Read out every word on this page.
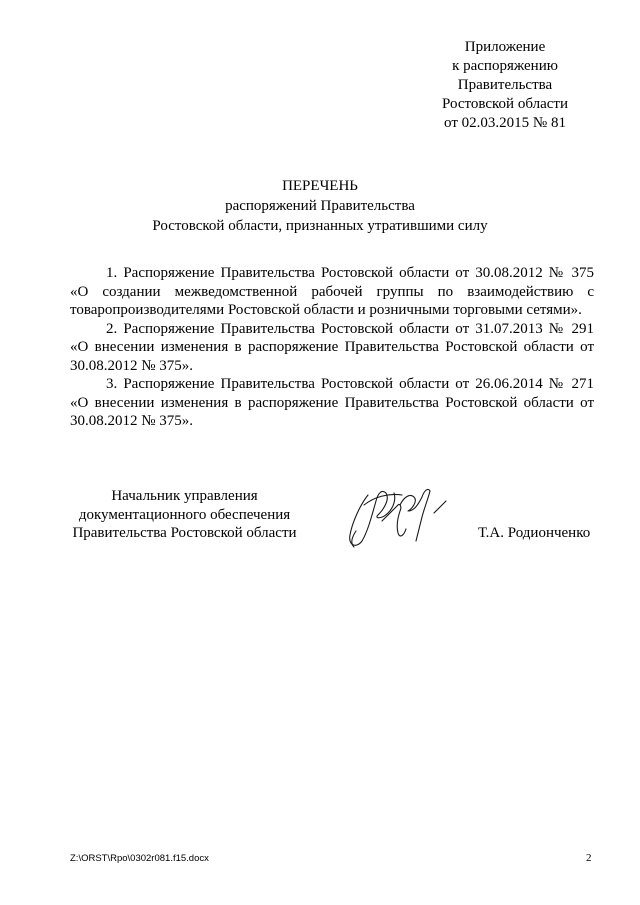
Приложение
к распоряжению
Правительства
Ростовской области
от 02.03.2015 № 81
ПЕРЕЧЕНЬ
распоряжений Правительства
Ростовской области, признанных утратившими силу

1. Распоряжение Правительства Ростовской области от 30.08.2012 № 375 «О создании межведомственной рабочей группы по взаимодействию с товаропроизводителями Ростовской области и розничными торговыми сетями».

2. Распоряжение Правительства Ростовской области от 31.07.2013 № 291 «О внесении изменения в распоряжение Правительства Ростовской области от 30.08.2012 № 375».

3. Распоряжение Правительства Ростовской области от 26.06.2014 № 271 «О внесении изменения в распоряжение Правительства Ростовской области от 30.08.2012 № 375».

Начальник управления
документационного обеспечения
Правительства Ростовской области	Т.А. Родионченко
Z:\ORST\Rpo\0302r081.f15.docx	2
